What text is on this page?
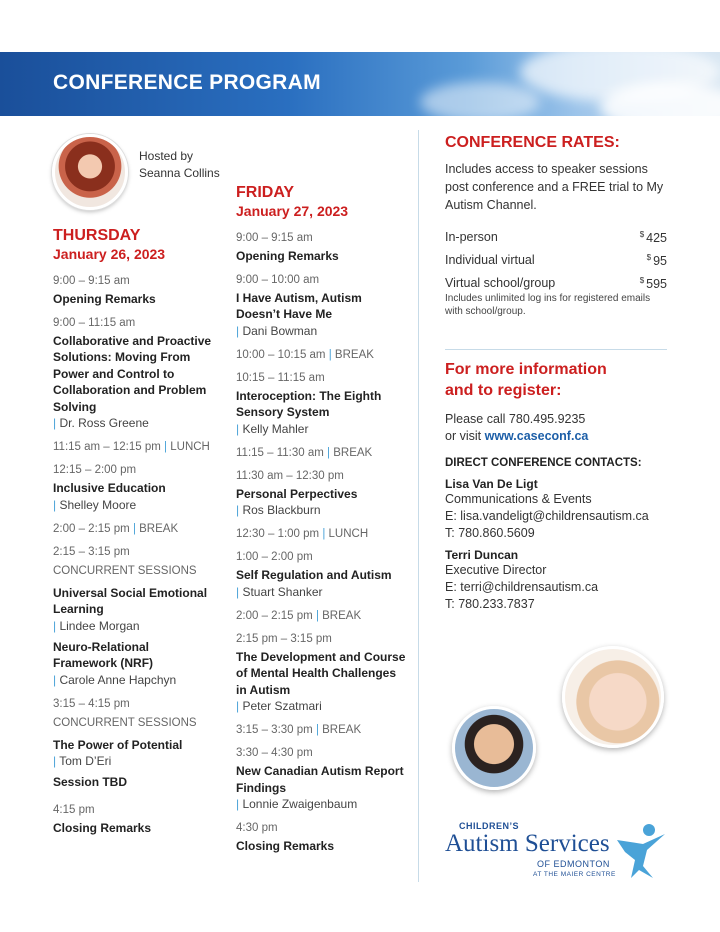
CONFERENCE PROGRAM
Hosted by
Seanna Collins
THURSDAY
January 26, 2023
9:00 – 9:15 am
Opening Remarks
9:00 – 11:15 am
Collaborative and Proactive Solutions: Moving From Power and Control to Collaboration and Problem Solving
| Dr. Ross Greene
11:15 am – 12:15 pm | LUNCH
12:15 – 2:00 pm
Inclusive Education
| Shelley Moore
2:00 – 2:15 pm | BREAK
2:15 – 3:15 pm
CONCURRENT SESSIONS
Universal Social Emotional Learning
| Lindee Morgan
Neuro-Relational Framework (NRF)
| Carole Anne Hapchyn
3:15 – 4:15 pm
CONCURRENT SESSIONS
The Power of Potential
| Tom D’Eri
Session TBD
4:15 pm
Closing Remarks
FRIDAY
January 27, 2023
9:00 – 9:15 am
Opening Remarks
9:00 – 10:00 am
I Have Autism, Autism Doesn’t Have Me
| Dani Bowman
10:00 – 10:15 am | BREAK
10:15 – 11:15 am
Interoception: The Eighth Sensory System
| Kelly Mahler
11:15 – 11:30 am | BREAK
11:30 am – 12:30 pm
Personal Perpectives
| Ros Blackburn
12:30 – 1:00 pm | LUNCH
1:00 – 2:00 pm
Self Regulation and Autism
| Stuart Shanker
2:00 – 2:15 pm | BREAK
2:15 pm – 3:15 pm
The Development and Course of Mental Health Challenges in Autism
| Peter Szatmari
3:15 – 3:30 pm | BREAK
3:30 – 4:30 pm
New Canadian Autism Report Findings
| Lonnie Zwaigenbaum
4:30 pm
Closing Remarks
CONFERENCE RATES:
Includes access to speaker sessions post conference and a FREE trial to My Autism Channel.
In-person	$ 425
Individual virtual	$ 95
Virtual school/group	$ 595
Includes unlimited log ins for registered emails with school/group.
For more information
and to register:
Please call 780.495.9235
or visit www.caseconf.ca
DIRECT CONFERENCE CONTACTS:
Lisa Van De Ligt
Communications & Events
E: lisa.vandeligt@childrensautism.ca
T: 780.860.5609
Terri Duncan
Executive Director
E: terri@childrensautism.ca
T: 780.233.7837
CHILDREN’S
Autism Services
OF EDMONTON
AT THE MAIER CENTRE
